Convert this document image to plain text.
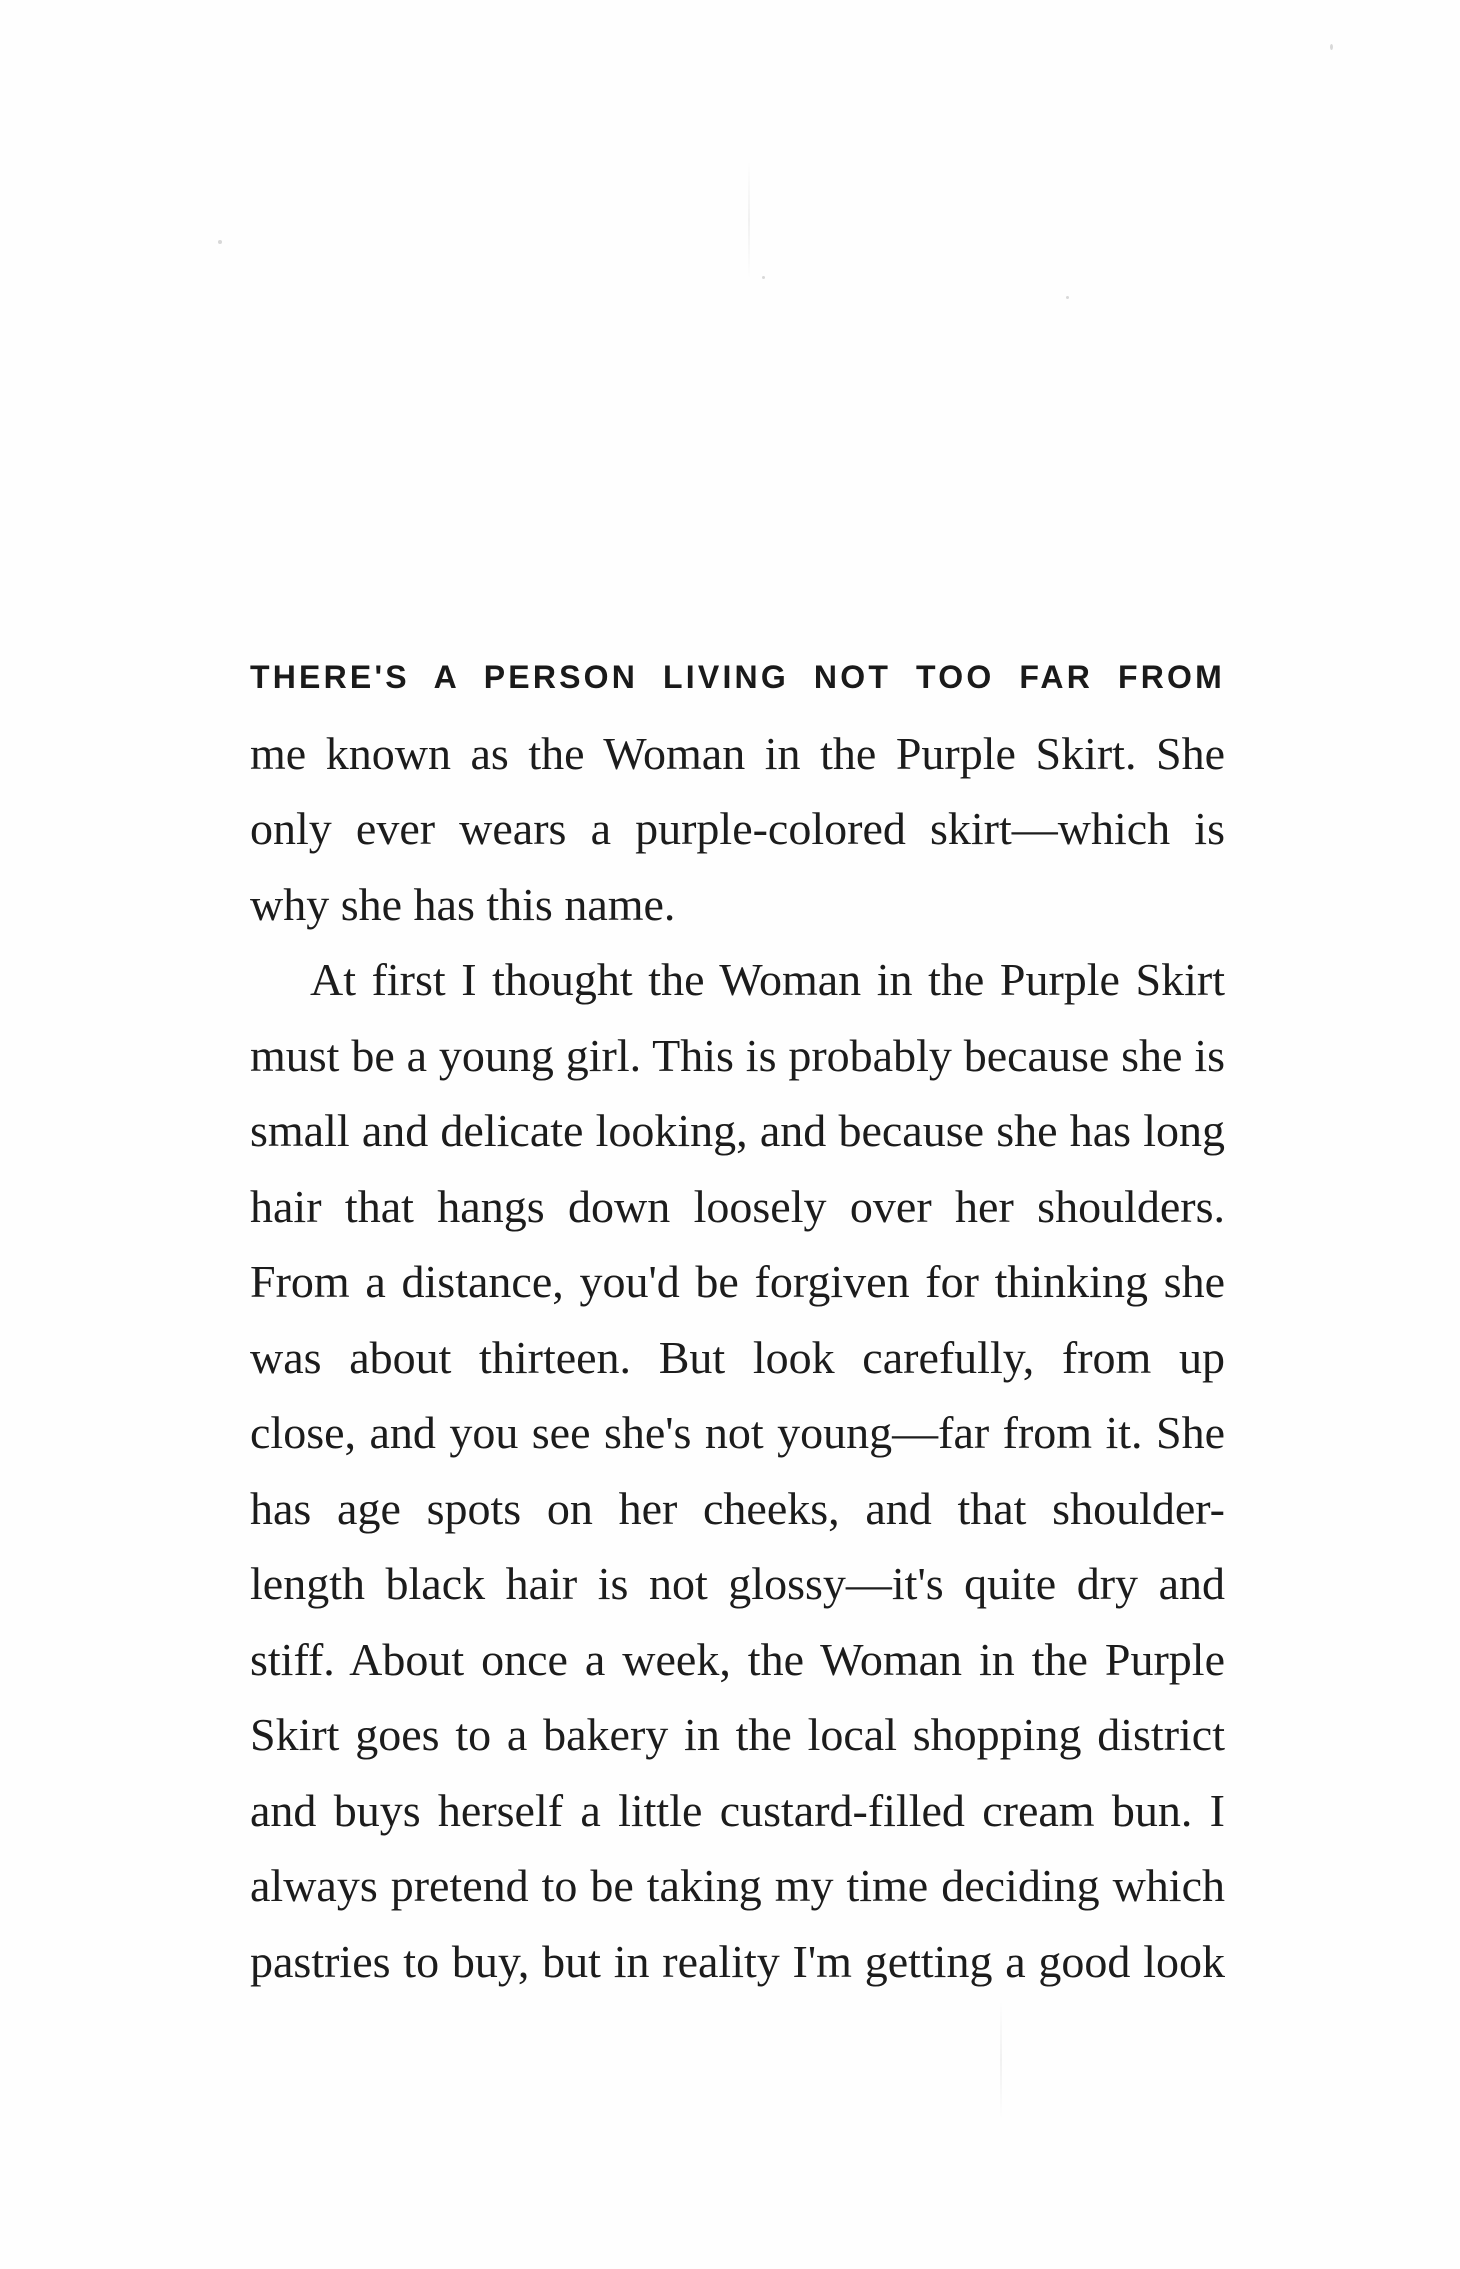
THERE'S A PERSON LIVING NOT TOO FAR FROM
me known as the Woman in the Purple Skirt. She
only ever wears a purple-colored skirt—which is
why she has this name.
At first I thought the Woman in the Purple Skirt
must be a young girl. This is probably because she is
small and delicate looking, and because she has long
hair that hangs down loosely over her shoulders.
From a distance, you'd be forgiven for thinking she
was about thirteen. But look carefully, from up
close, and you see she's not young—far from it. She
has age spots on her cheeks, and that shoulder-
length black hair is not glossy—it's quite dry and
stiff. About once a week, the Woman in the Purple
Skirt goes to a bakery in the local shopping district
and buys herself a little custard-filled cream bun. I
always pretend to be taking my time deciding which
pastries to buy, but in reality I'm getting a good look
